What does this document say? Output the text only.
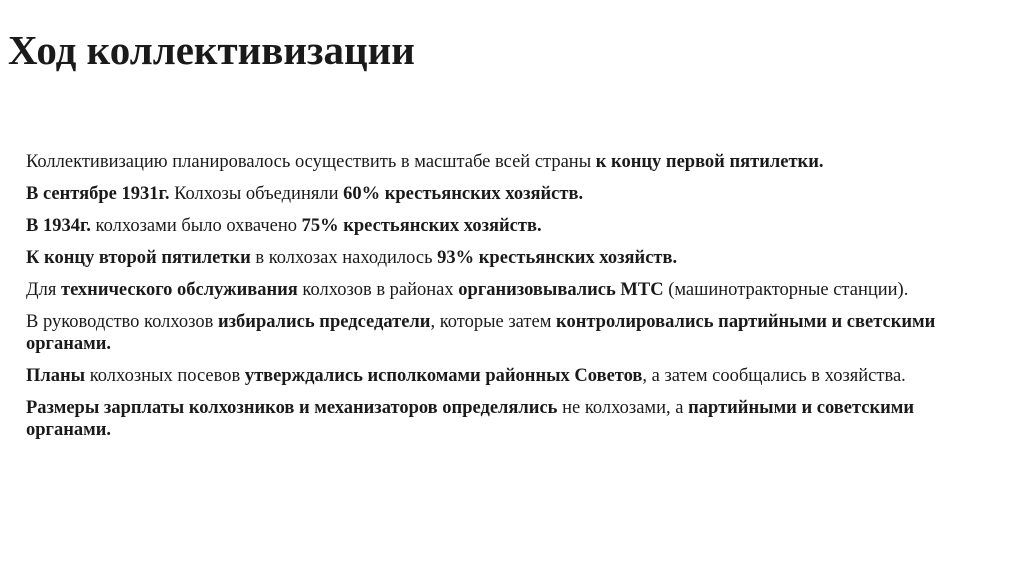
Ход коллективизации

Коллективизацию планировалось осуществить в масштабе всей страны к концу первой пятилетки.

В сентябре 1931г. Колхозы объединяли 60% крестьянских хозяйств.

В 1934г. колхозами было охвачено 75% крестьянских хозяйств.

К концу второй пятилетки в колхозах находилось 93% крестьянских хозяйств.

Для технического обслуживания колхозов в районах организовывались МТС (машинотракторные станции).

В руководство колхозов избирались председатели, которые затем контролировались партийными и светскими органами.

Планы колхозных посевов утверждались исполкомами районных Советов, а затем сообщались в хозяйства.

Размеры зарплаты колхозников и механизаторов определялись не колхозами, а партийными и советскими органами.
